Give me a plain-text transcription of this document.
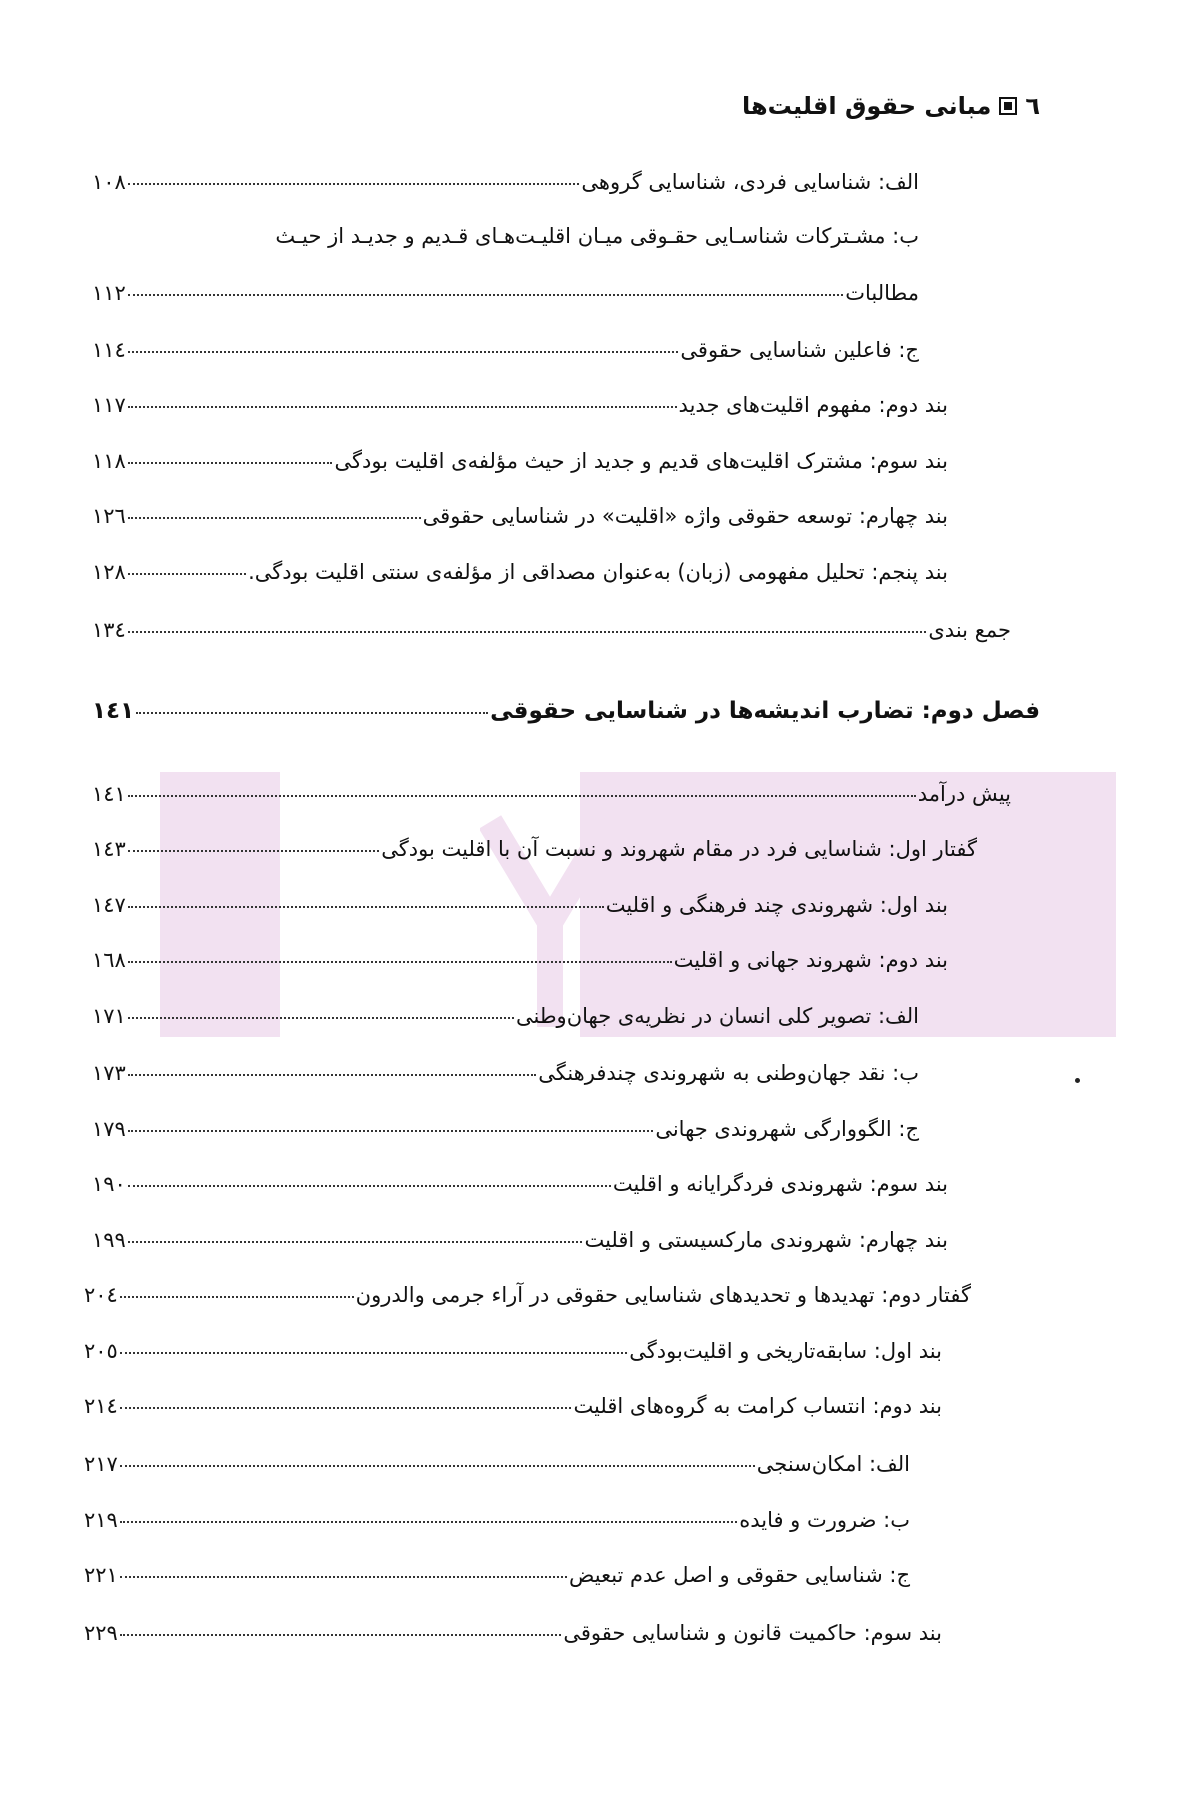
٦
مبانی حقوق اقلیت‌ها
الف: شناسایی فردی، شناسایی گروهی
١٠٨
ب: مشـترکات شناسـایی حقـوقی میـان اقلیـت‌هـای قـدیم و جدیـد از حیـث
مطالبات
١١٢
ج: فاعلین شناسایی حقوقی
١١٤
بند دوم: مفهوم اقلیت‌های جدید
١١٧
بند سوم: مشترک اقلیت‌های قدیم و جدید از حیث مؤلفه‌ی اقلیت بودگی
١١٨
بند چهارم: توسعه حقوقی واژه «اقلیت» در شناسایی حقوقی
١٢٦
بند پنجم: تحلیل مفهومی (زبان) به‌عنوان مصداقی از مؤلفه‌ی سنتی اقلیت بودگی.
١٢٨
جمع بندی
١٣٤
فصل دوم: تضارب اندیشه‌ها در شناسایی حقوقی
١٤١
پیش درآمد
١٤١
گفتار اول: شناسایی فرد در مقام شهروند و نسبت آن با اقلیت بودگی
١٤٣
بند اول: شهروندی چند فرهنگی و اقلیت
١٤٧
بند دوم: شهروند جهانی و اقلیت
١٦٨
الف: تصویر کلی انسان در نظریه‌ی جهان‌وطنی
١٧١
ب: نقد جهان‌وطنی به شهروندی چندفرهنگی
١٧٣
ج: الگووارگی شهروندی جهانی
١٧٩
بند سوم: شهروندی فردگرایانه و اقلیت
١٩٠
بند چهارم: شهروندی مارکسیستی و اقلیت
١٩٩
گفتار دوم: تهدیدها و تحدیدهای شناسایی حقوقی در آراء جرمی والدرون
٢٠٤
بند اول: سابقه‌تاریخی و اقلیت‌بودگی
٢٠٥
بند دوم: انتساب کرامت به گروه‌های اقلیت
٢١٤
الف: امکان‌سنجی
٢١٧
ب: ضرورت و فایده
٢١٩
ج: شناسایی حقوقی و اصل عدم تبعیض
٢٢١
بند سوم: حاکمیت قانون و شناسایی حقوقی
٢٢٩
